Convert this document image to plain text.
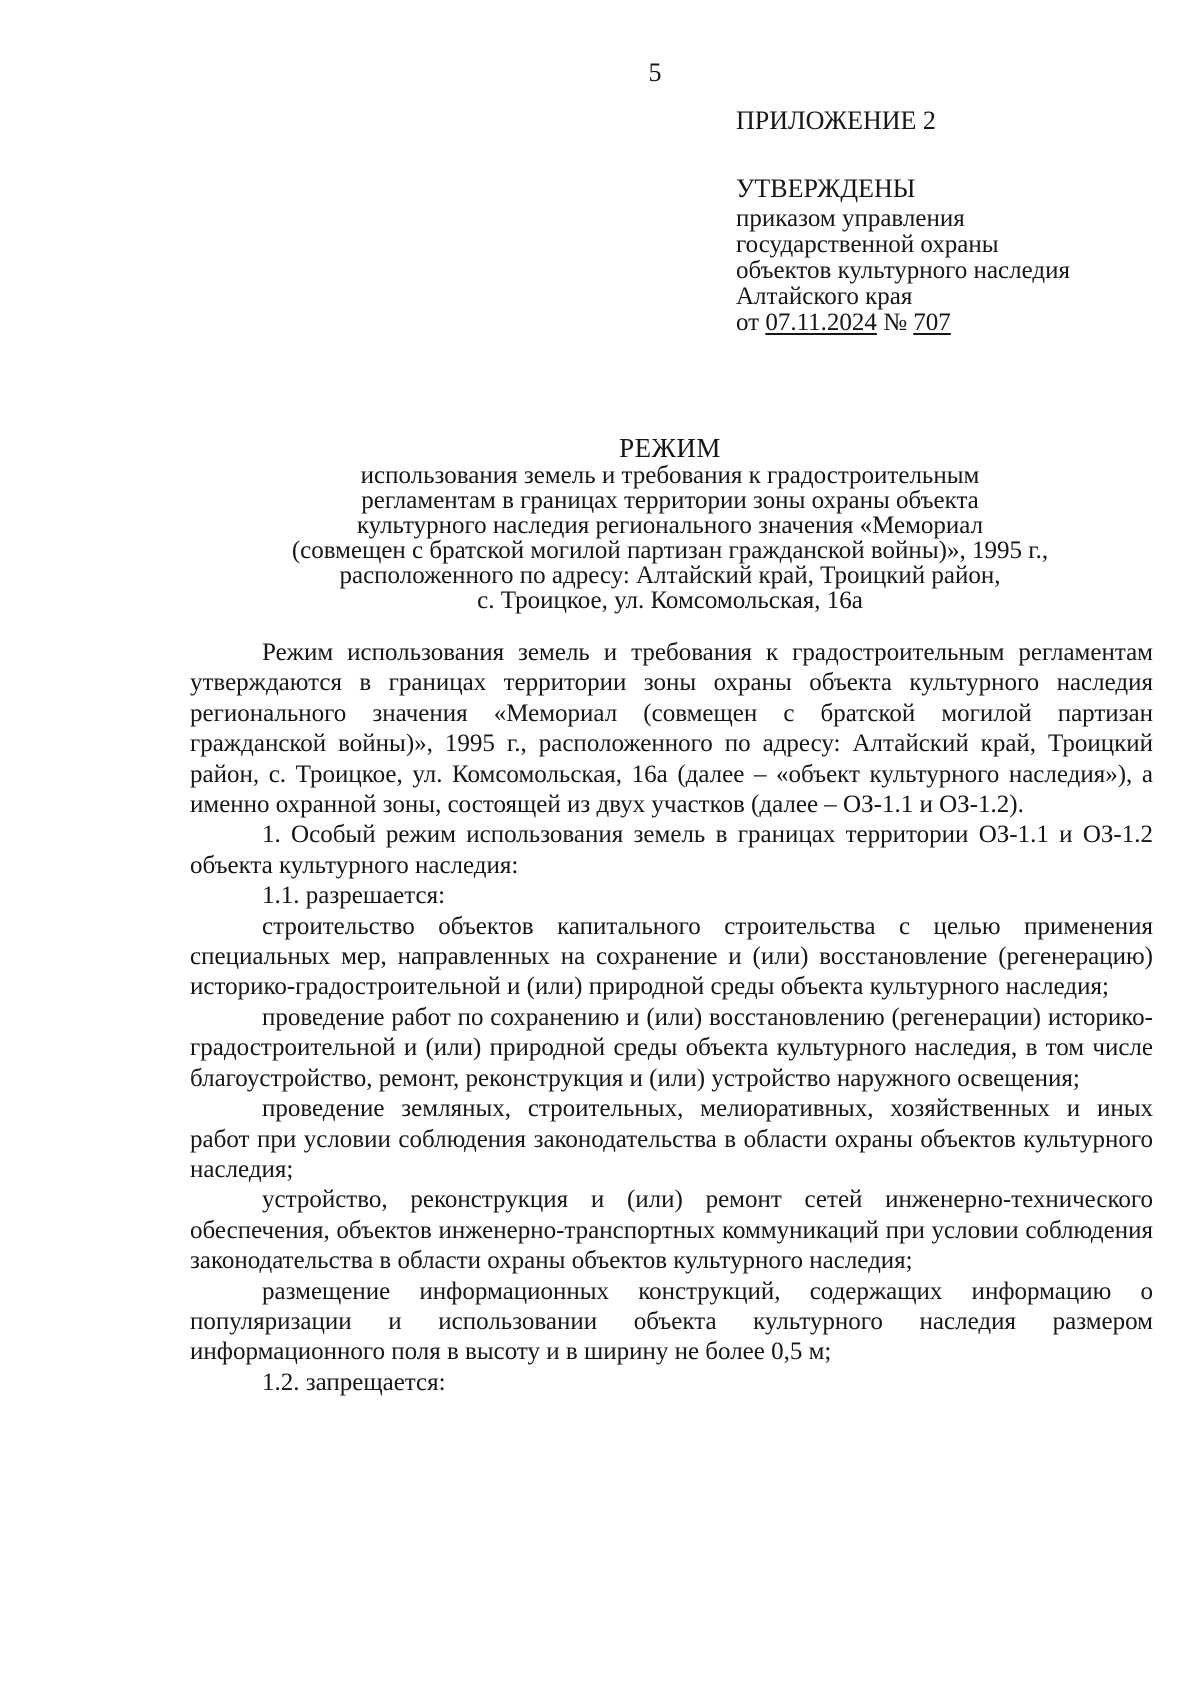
5
ПРИЛОЖЕНИЕ 2
УТВЕРЖДЕНЫ
приказом управления
государственной охраны
объектов культурного наследия
Алтайского края
от 07.11.2024 № 707
РЕЖИМ
использования земель и требования к градостроительным
регламентам в границах территории зоны охраны объекта
культурного наследия регионального значения «Мемориал
(совмещен с братской могилой партизан гражданской войны)», 1995 г.,
расположенного по адресу: Алтайский край, Троицкий район,
с. Троицкое, ул. Комсомольская, 16а

Режим использования земель и требования к градостроительным регламентам утверждаются в границах территории зоны охраны объекта культурного наследия регионального значения «Мемориал (совмещен с братской могилой партизан гражданской войны)», 1995 г., расположенного по адресу: Алтайский край, Троицкий район, с. Троицкое, ул. Комсомольская, 16а (далее – «объект культурного наследия»), а именно охранной зоны, состоящей из двух участков (далее – ОЗ-1.1 и ОЗ-1.2).

1. Особый режим использования земель в границах территории ОЗ-1.1 и ОЗ-1.2 объекта культурного наследия:

1.1. разрешается:

строительство объектов капитального строительства с целью применения специальных мер, направленных на сохранение и (или) восстановление (регенерацию) историко-градостроительной и (или) природной среды объекта культурного наследия;

проведение работ по сохранению и (или) восстановлению (регенерации) историко-градостроительной и (или) природной среды объекта культурного наследия, в том числе благоустройство, ремонт, реконструкция и (или) устройство наружного освещения;

проведение земляных, строительных, мелиоративных, хозяйственных и иных работ при условии соблюдения законодательства в области охраны объектов культурного наследия;

устройство, реконструкция и (или) ремонт сетей инженерно-технического обеспечения, объектов инженерно-транспортных коммуникаций при условии соблюдения законодательства в области охраны объектов культурного наследия;

размещение информационных конструкций, содержащих информацию о популяризации и использовании объекта культурного наследия размером информационного поля в высоту и в ширину не более 0,5 м;

1.2. запрещается:
